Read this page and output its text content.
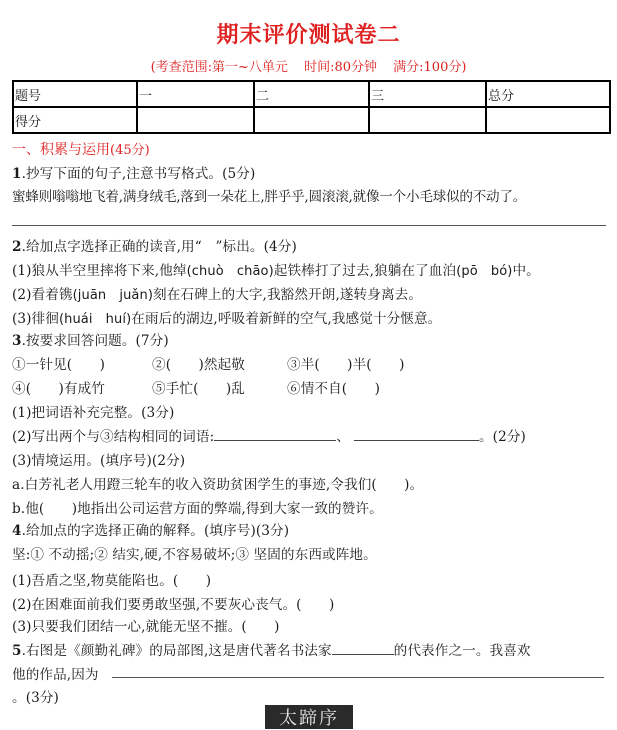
期末评价测试卷二
(考查范围:第一~八单元 时间:80分钟 满分:100分)
题号	一	二	三	总分
得分				
一、积累与运用(45分)
1.抄写下面的句子,注意书写格式。(5分)
蜜蜂则嗡嗡地飞着,满身绒毛,落到一朵花上,胖乎乎,圆滚滚,就像一个小毛球似的不动了。
2.给加点字选择正确的读音,用“　”标出。(4分)
(1)狼从半空里摔将下来,他绰(chuò　chāo)起铁棒打了过去,狼躺在了血泊(pō　bó)中。
(2)看着镌(juān　juǎn)刻在石碑上的大字,我豁然开朗,遂转身离去。
(3)徘徊(huái　huí)在雨后的湖边,呼吸着新鲜的空气,我感觉十分惬意。
3.按要求回答问题。(7分)
①一针见(　　)	②(　　)然起敬	③半(　　)半(　　)
④(　　)有成竹	⑤手忙(　　)乱	⑥情不自(　　)
(1)把词语补充完整。(3分)
(2)写出两个与③结构相同的词语:	、	。(2分)
(3)情境运用。(填序号)(2分)
a.白芳礼老人用蹬三轮车的收入资助贫困学生的事迹,令我们(　　)。
b.他(　　)地指出公司运营方面的弊端,得到大家一致的赞许。
4.给加点的字选择正确的解释。(填序号)(3分)
坚:① 不动摇;② 结实,硬,不容易破坏;③ 坚固的东西或阵地。
(1)吾盾之坚,物莫能陷也。(　　)
(2)在困难面前我们要勇敢坚强,不要灰心丧气。(　　)
(3)只要我们团结一心,就能无坚不摧。(　　)
5.右图是《颜勤礼碑》的局部图,这是唐代著名书法家	的代表作之一。我喜欢
他的作品,因为
。(3分)
太蹄序
